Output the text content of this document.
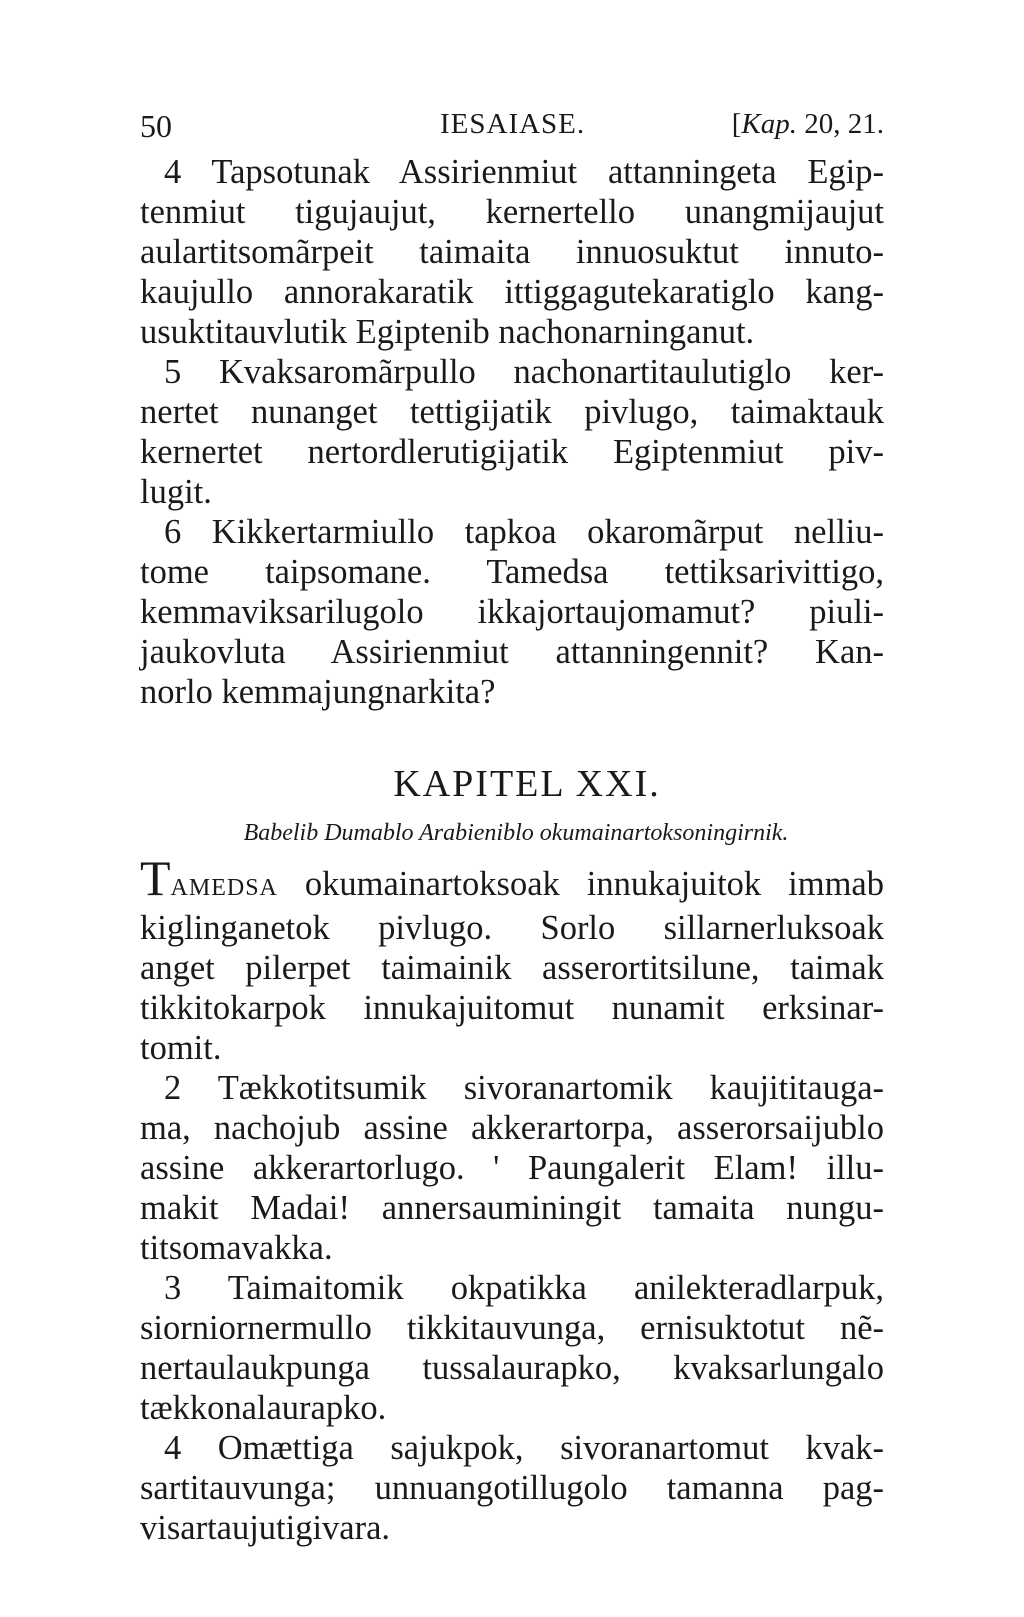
50	IESAIASE.	[Kap. 20, 21.

4 Tapsotunak Assirienmiut attanningeta Egip-
tenmiut tigujaujut, kernertello unangmijaujut
aulartitsomãrpeit taimaita innuosuktut innuto-
kaujullo annorakaratik ittiggagutekaratiglo kang-
usuktitauvlutik Egiptenib nachonarninganut.

5 Kvaksaromãrpullo nachonartitaulutiglo ker-
nertet nunanget tettigijatik pivlugo, taimaktauk
kernertet nertordlerutigijatik Egiptenmiut piv-
lugit.

6 Kikkertarmiullo tapkoa okaromãrput nelliu-
tome taipsomane. Tamedsa tettiksarivittigo,
kemmaviksarilugolo ikkajortaujomamut? piuli-
jaukovluta Assirienmiut attanningennit? Kan-
norlo kemmajungnarkita?

KAPITEL XXI.
Babelib Dumablo Arabieniblo okumainartoksoningirnik.

TAMEDSA okumainartoksoak innukajuitok immab
kiglinganetok pivlugo. Sorlo sillarnerluksoak
anget pilerpet taimainik asserortitsilune, taimak
tikkitokarpok innukajuitomut nunamit erksinar-
tomit.

2 Tækkotitsumik sivoranartomik kaujititauga-
ma, nachojub assine akkerartorpa, asserorsaijublo
assine akkerartorlugo. ' Paungalerit Elam! illu-
makit Madai! annersauminingit tamaita nungu-
titsomavakka.

3 Taimaitomik okpatikka anilekteradlarpuk,
siorniornermullo tikkitauvunga, ernisuktotut nẽ-
nertaulaukpunga tussalaurapko, kvaksarlungalo
tækkonalaurapko.

4 Omættiga sajukpok, sivoranartomut kvak-
sartitauvunga; unnuangotillugolo tamanna pag-
visartaujutigivara.
